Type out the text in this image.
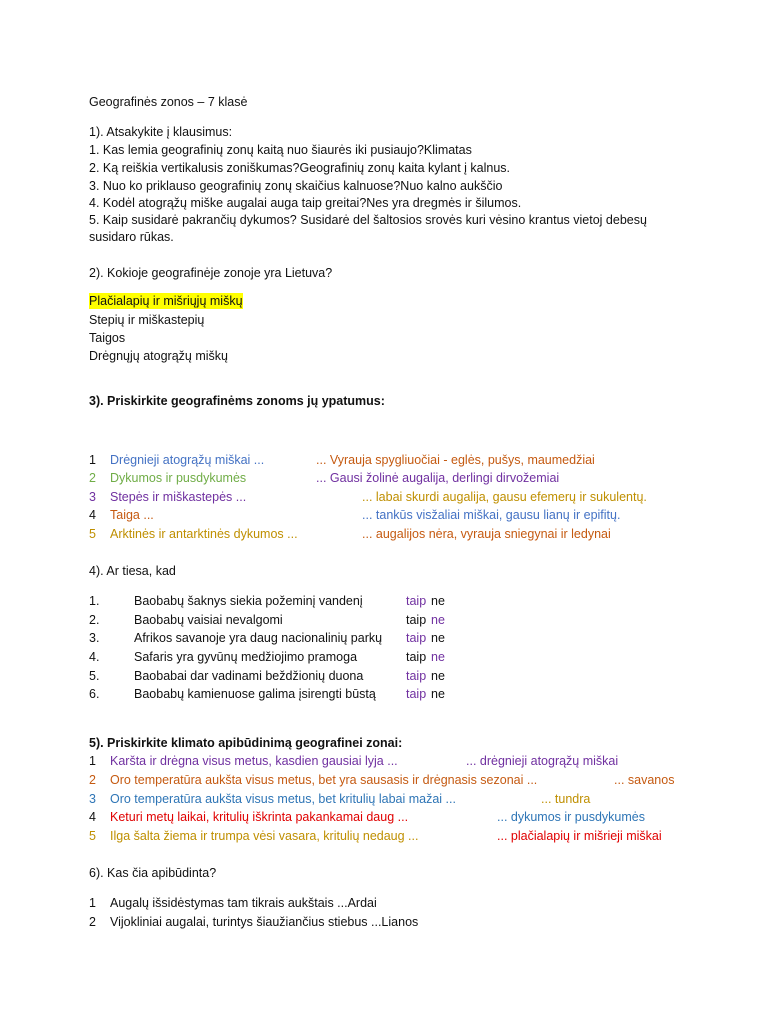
Geografinės zonos – 7 klasė
1). Atsakykite į klausimus:
1. Kas lemia geografinių zonų kaitą nuo šiaurės iki pusiaujo?Klimatas
2. Ką reiškia vertikalusis zoniškumas?Geografinių zonų kaita kylant į kalnus.
3. Nuo ko priklauso geografinių zonų skaičius kalnuose?Nuo kalno aukščio
4. Kodėl atogrąžų miške augalai auga taip greitai?Nes yra dregmės ir šilumos.
5. Kaip susidarė pakrančių dykumos? Susidarė del šaltosios srovės kuri vėsino krantus vietoj debesų
susidaro rūkas.
2). Kokioje geografinėje zonoje yra Lietuva?
Plačialapių ir mišriųjų miškų
Stepių ir miškastepių
Taigos
Drėgnųjų atogrąžų miškų
3). Priskirkite geografinėms zonoms jų ypatumus:
1 Drėgnieji atogrąžų miškai ...	... Vyrauja spygliuočiai - eglės, pušys, maumedžiai
2 Dykumos ir pusdykumės	... Gausi žolinė augalija, derlingi dirvožemiai
3 Stepės ir miškastepės ...	... labai skurdi augalija, gausu efemerų ir sukulentų.
4 Taiga ...	... tankūs visžaliai miškai, gausu lianų ir epifitų.
5 Arktinės ir antarktinės dykumos ...	... augalijos nėra, vyrauja sniegynai ir ledynai
4). Ar tiesa, kad
1.	Baobabų šaknys siekia požeminį vandenį	taip ne
2.	Baobabų vaisiai nevalgomi	taip ne
3.	Afrikos savanoje yra daug nacionalinių parkų taip ne
4.	Safaris yra gyvūnų medžiojimo pramoga	taip ne
5.	Baobabai dar vadinami beždžionių duona	taip ne
6.	Baobabų kamienuose galima įsirengti būstą taip ne
5). Priskirkite klimato apibūdinimą geografinei zonai:
1 Karšta ir drėgna visus metus, kasdien gausiai lyja ...	... drėgnieji atogrąžų miškai
2 Oro temperatūra aukšta visus metus, bet yra sausasis ir drėgnasis sezonai ...	... savanos
3 Oro temperatūra aukšta visus metus, bet kritulių labai mažai ...	... tundra
4 Keturi metų laikai, kritulių iškrinta pakankamai daug ...	... dykumos ir pusdykumės
5 Ilga šalta žiema ir trumpa vėsi vasara, kritulių nedaug ...	... plačialapių ir mišrieji miškai
6). Kas čia apibūdinta?
1 Augalų išsidėstymas tam tikrais aukštais ...Ardai
2 Vijokliniai augalai, turintys šiaužiančius stiebus ...Lianos
